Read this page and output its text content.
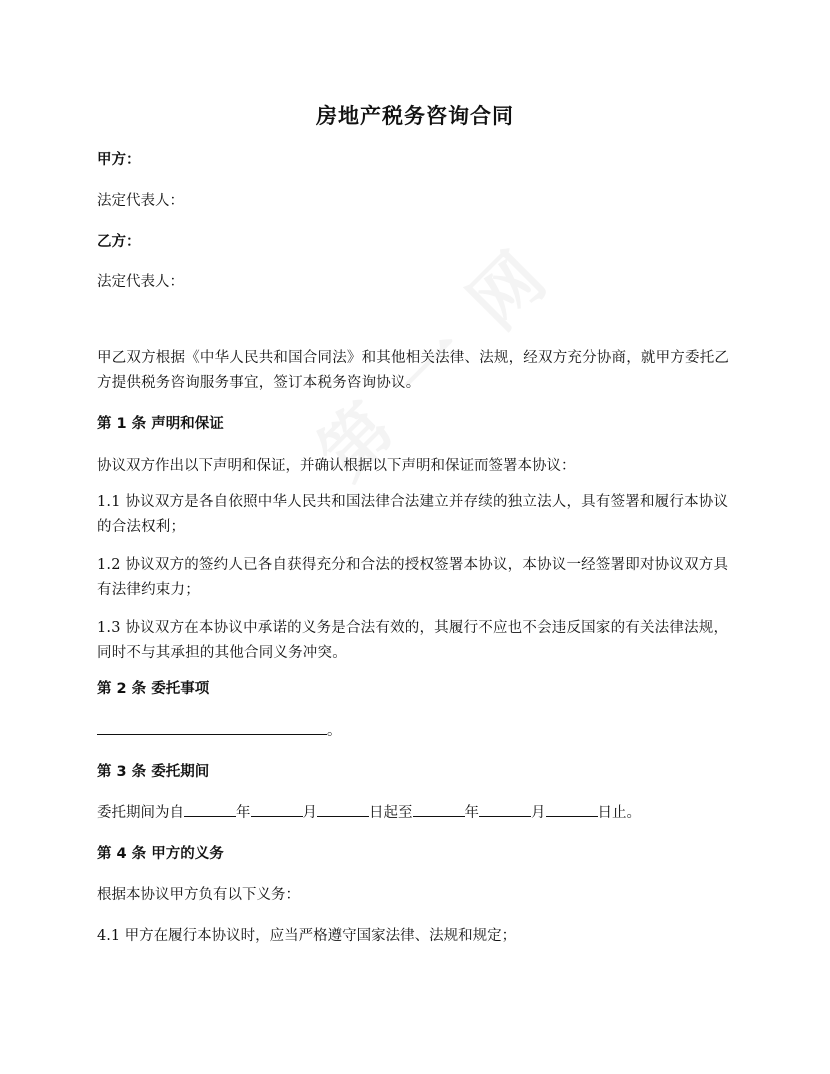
房地产税务咨询合同
甲方：
法定代表人：
乙方：
法定代表人：
甲乙双方根据《中华人民共和国合同法》和其他相关法律、法规，经双方充分协商，就甲方委托乙方提供税务咨询服务事宜，签订本税务咨询协议。
第 1 条 声明和保证
协议双方作出以下声明和保证，并确认根据以下声明和保证而签署本协议：
1.1 协议双方是各自依照中华人民共和国法律合法建立并存续的独立法人，具有签署和履行本协议的合法权利；
1.2 协议双方的签约人已各自获得充分和合法的授权签署本协议，本协议一经签署即对协议双方具有法律约束力；
1.3 协议双方在本协议中承诺的义务是合法有效的，其履行不应也不会违反国家的有关法律法规，同时不与其承担的其他合同义务冲突。
第 2 条 委托事项
。
第 3 条 委托期间
委托期间为自	年	月	日起至	年	月	日止。
第 4 条 甲方的义务
根据本协议甲方负有以下义务：
4.1 甲方在履行本协议时，应当严格遵守国家法律、法规和规定；
